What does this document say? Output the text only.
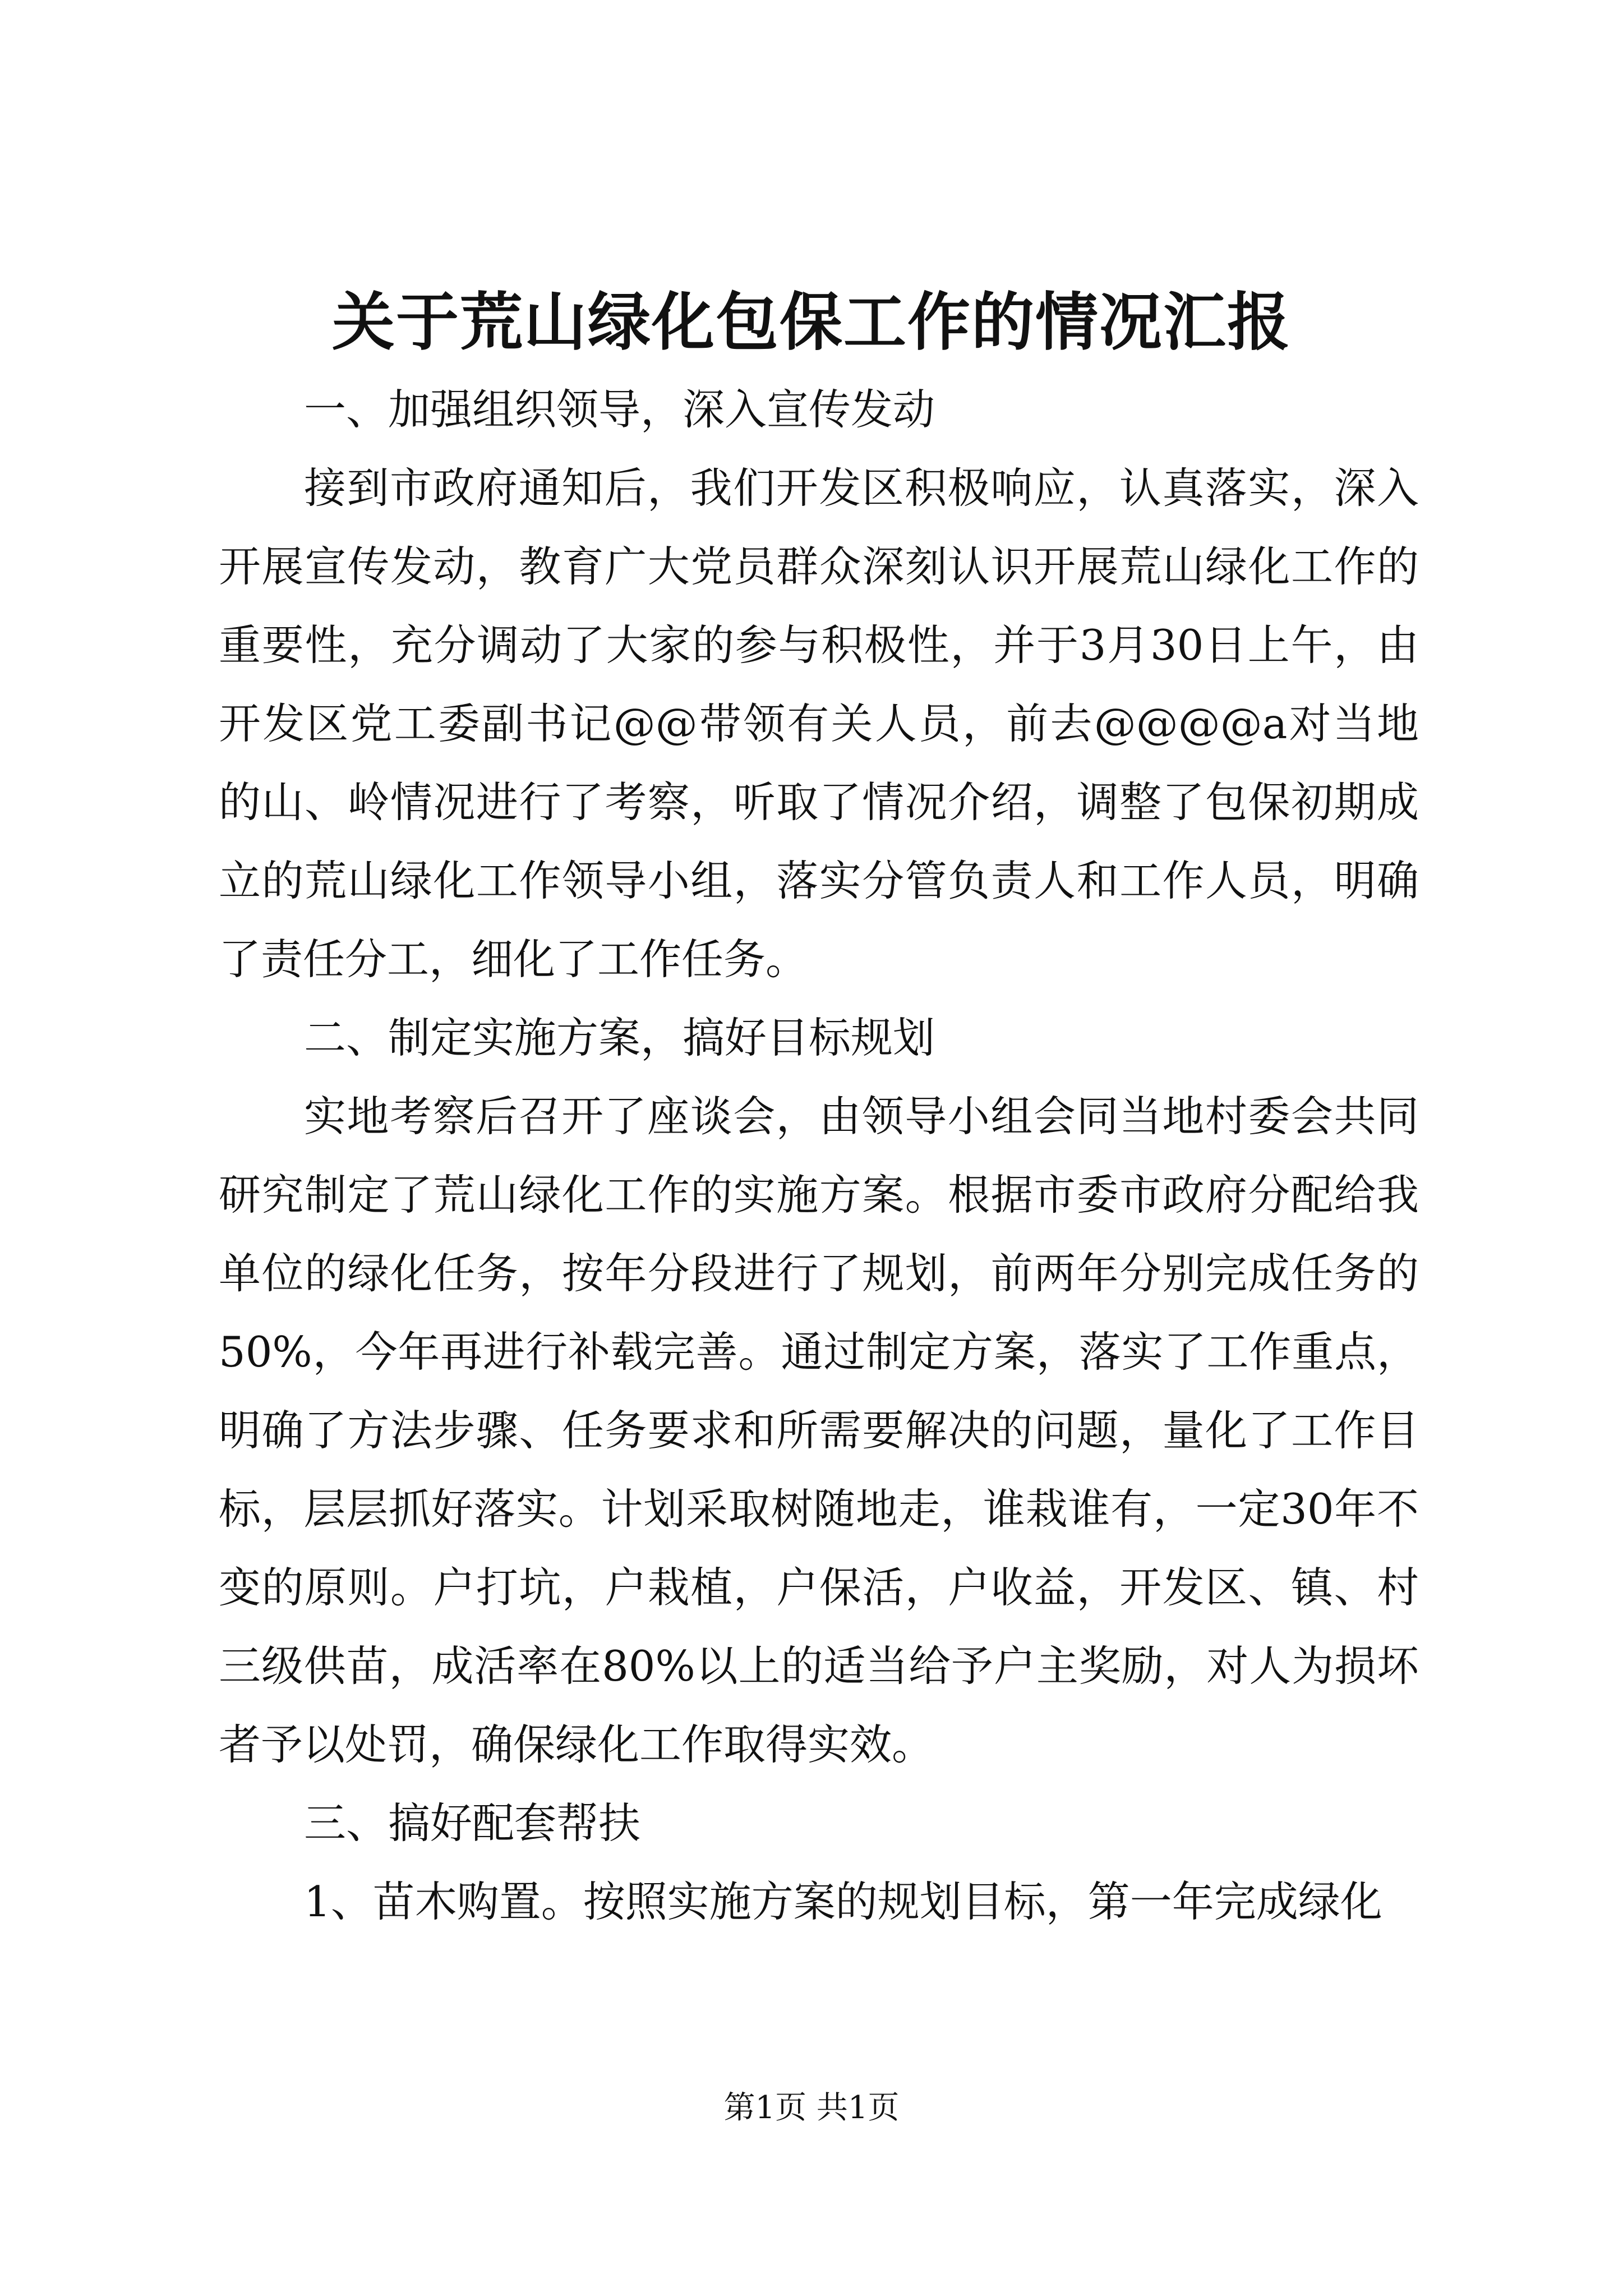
关于荒山绿化包保工作的情况汇报

一、加强组织领导，深入宣传发动

接到市政府通知后，我们开发区积极响应，认真落实，深入开展宣传发动，教育广大党员群众深刻认识开展荒山绿化工作的重要性，充分调动了大家的参与积极性，并于3月30日上午，由开发区党工委副书记@@带领有关人员，前去@@@@a对当地的山、岭情况进行了考察，听取了情况介绍，调整了包保初期成立的荒山绿化工作领导小组，落实分管负责人和工作人员，明确了责任分工，细化了工作任务。

二、制定实施方案，搞好目标规划

实地考察后召开了座谈会，由领导小组会同当地村委会共同研究制定了荒山绿化工作的实施方案。根据市委市政府分配给我单位的绿化任务，按年分段进行了规划，前两年分别完成任务的50%，今年再进行补载完善。通过制定方案，落实了工作重点，明确了方法步骤、任务要求和所需要解决的问题，量化了工作目标，层层抓好落实。计划采取树随地走，谁栽谁有，一定30年不变的原则。户打坑，户栽植，户保活，户收益，开发区、镇、村三级供苗，成活率在80%以上的适当给予户主奖励，对人为损坏者予以处罚，确保绿化工作取得实效。

三、搞好配套帮扶

1、苗木购置。按照实施方案的规划目标，第一年完成绿化

第1页 共1页
